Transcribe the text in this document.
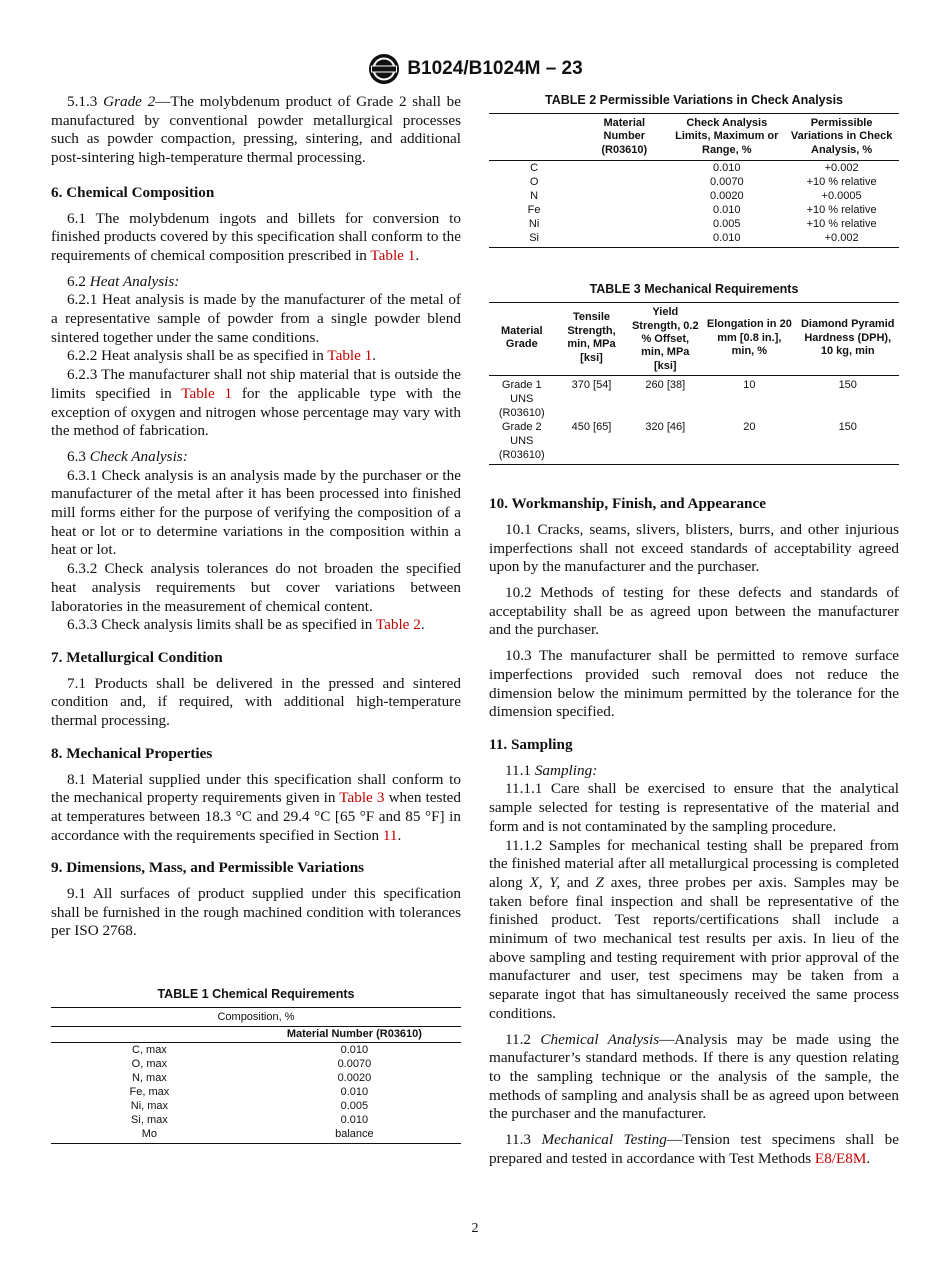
B1024/B1024M – 23

5.1.3 Grade 2—The molybdenum product of Grade 2 shall be manufactured by conventional powder metallurgical processes such as powder compaction, pressing, sintering, and additional post-sintering high-temperature thermal processing.

6. Chemical Composition

6.1 The molybdenum ingots and billets for conversion to finished products covered by this specification shall conform to the requirements of chemical composition prescribed in Table 1.

6.2 Heat Analysis:

6.2.1 Heat analysis is made by the manufacturer of the metal of a representative sample of powder from a single powder blend sintered together under the same conditions.

6.2.2 Heat analysis shall be as specified in Table 1.

6.2.3 The manufacturer shall not ship material that is outside the limits specified in Table 1 for the applicable type with the exception of oxygen and nitrogen whose percentage may vary with the method of fabrication.

6.3 Check Analysis:

6.3.1 Check analysis is an analysis made by the purchaser or the manufacturer of the metal after it has been processed into finished mill forms either for the purpose of verifying the composition of a heat or lot or to determine variations in the composition within a heat or lot.

6.3.2 Check analysis tolerances do not broaden the specified heat analysis requirements but cover variations between laboratories in the measurement of chemical content.

6.3.3 Check analysis limits shall be as specified in Table 2.

7. Metallurgical Condition

7.1 Products shall be delivered in the pressed and sintered condition and, if required, with additional high-temperature thermal processing.

8. Mechanical Properties

8.1 Material supplied under this specification shall conform to the mechanical property requirements given in Table 3 when tested at temperatures between 18.3 °C and 29.4 °C [65 °F and 85 °F] in accordance with the requirements specified in Section 11.

9. Dimensions, Mass, and Permissible Variations

9.1 All surfaces of product supplied under this specification shall be furnished in the rough machined condition with tolerances per ISO 2768.

TABLE 1 Chemical Requirements
Composition, %	
	Material Number (R03610)
C, max	0.010
O, max	0.0070
N, max	0.0020
Fe, max	0.010
Ni, max	0.005
Si, max	0.010
Mo	balance
TABLE 2 Permissible Variations in Check Analysis
	Material Number (R03610)	Check Analysis Limits, Maximum or Range, %	Permissible Variations in Check Analysis, %
C		0.010	+0.002
O		0.0070	+10 % relative
N		0.0020	+0.0005
Fe		0.010	+10 % relative
Ni		0.005	+10 % relative
Si		0.010	+0.002
TABLE 3 Mechanical Requirements
Material Grade	Tensile Strength, min, MPa [ksi]	Yield Strength, 0.2 % Offset, min, MPa [ksi]	Elongation in 20 mm [0.8 in.], min, %	Diamond Pyramid Hardness (DPH), 10 kg, min
Grade 1 UNS (R03610)	370 [54]	260 [38]	10	150
Grade 2 UNS (R03610)	450 [65]	320 [46]	20	150
10. Workmanship, Finish, and Appearance

10.1 Cracks, seams, slivers, blisters, burrs, and other injurious imperfections shall not exceed standards of acceptability agreed upon by the manufacturer and the purchaser.

10.2 Methods of testing for these defects and standards of acceptability shall be as agreed upon between the manufacturer and the purchaser.

10.3 The manufacturer shall be permitted to remove surface imperfections provided such removal does not reduce the dimension below the minimum permitted by the tolerance for the dimension specified.

11. Sampling

11.1 Sampling:

11.1.1 Care shall be exercised to ensure that the analytical sample selected for testing is representative of the material and form and is not contaminated by the sampling procedure.

11.1.2 Samples for mechanical testing shall be prepared from the finished material after all metallurgical processing is completed along X, Y, and Z axes, three probes per axis. Samples may be taken before final inspection and shall be representative of the finished product. Test reports/certifications shall include a minimum of two mechanical test results per axis. In lieu of the above sampling and testing requirement with prior approval of the manufacturer and user, test specimens may be taken from a separate ingot that has simultaneously received the same process conditions.

11.2 Chemical Analysis—Analysis may be made using the manufacturer’s standard methods. If there is any question relating to the sampling technique or the analysis of the sample, the methods of sampling and analysis shall be as agreed upon between the purchaser and the manufacturer.

11.3 Mechanical Testing—Tension test specimens shall be prepared and tested in accordance with Test Methods E8/E8M.

2
